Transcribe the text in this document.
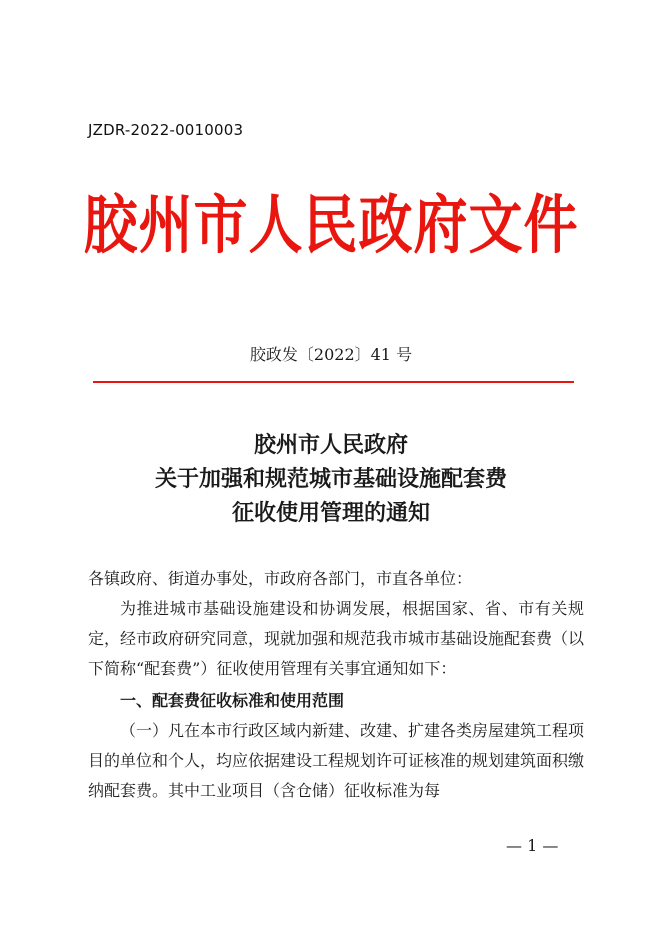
JZDR-2022-0010003
胶州市人民政府文件
胶政发〔2022〕41 号
胶州市人民政府
关于加强和规范城市基础设施配套费
征收使用管理的通知
各镇政府、街道办事处，市政府各部门，市直各单位：
为推进城市基础设施建设和协调发展，根据国家、省、市有关规定，经市政府研究同意，现就加强和规范我市城市基础设施配套费（以下简称“配套费”）征收使用管理有关事宜通知如下：
一、配套费征收标准和使用范围
（一）凡在本市行政区域内新建、改建、扩建各类房屋建筑工程项目的单位和个人，均应依据建设工程规划许可证核准的规划建筑面积缴纳配套费。其中工业项目（含仓储）征收标准为每
— 1 —
